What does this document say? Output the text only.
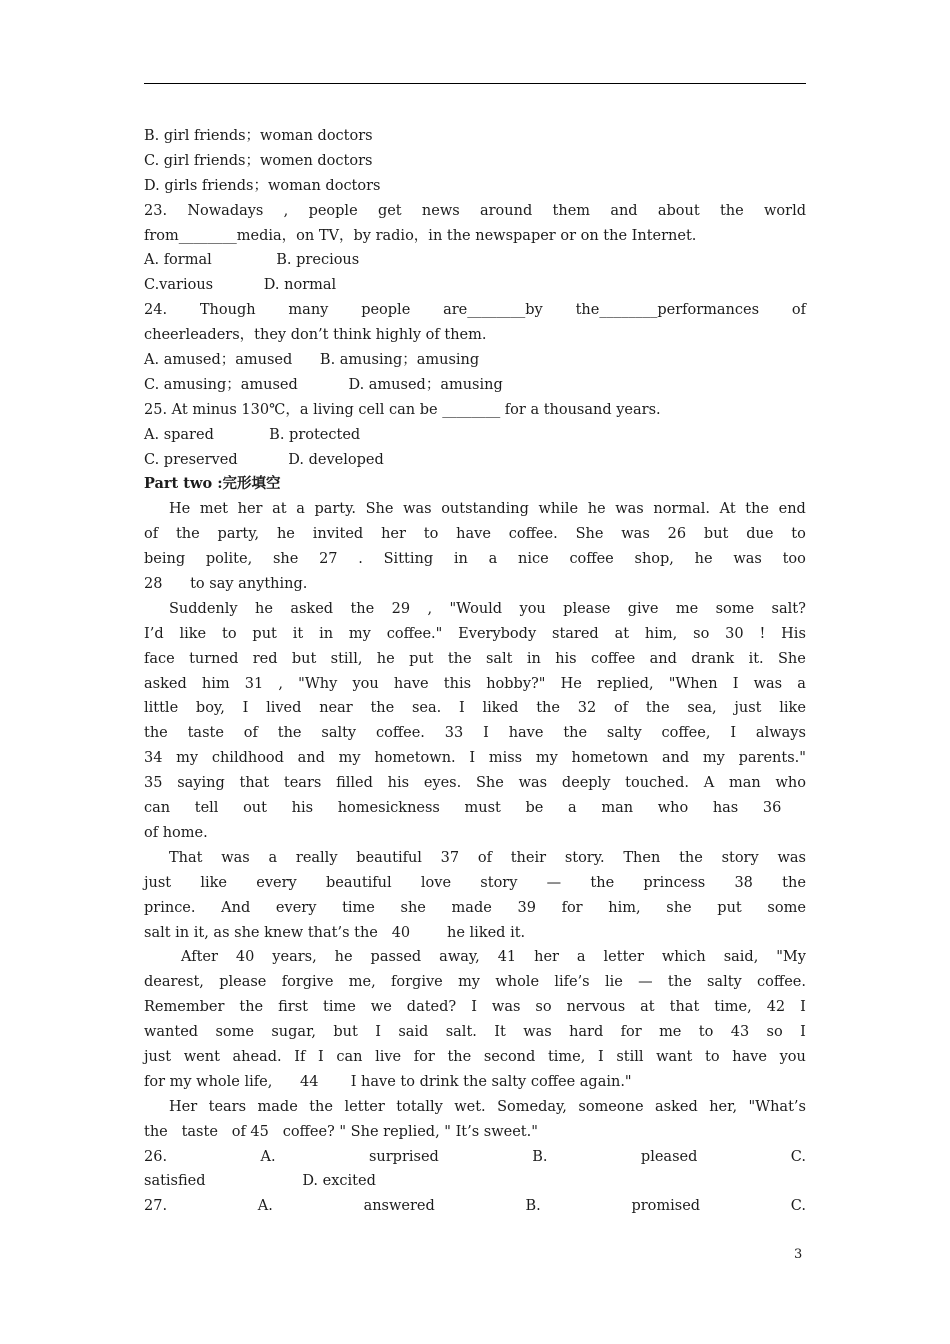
B. girl friends；woman doctors
C. girl friends；women doctors
D. girls friends；woman doctors
23. Nowadays , people get news around them and about the world
from________media，on TV，by radio，in the newspaper or on the Internet.
A. formal              B. precious
C.various           D. normal
24. Though many people are________by the________performances of
cheerleaders，they don’t think highly of them.
A. amused；amused      B. amusing；amusing
C. amusing；amused           D. amused；amusing
25. At minus 130℃，a living cell can be ________ for a thousand years.
A. spared            B. protected
C. preserved           D. developed
Part two :完形填空
He met her at a party. She was outstanding while he was normal. At the end
of the party, he invited her to have coffee. She was 26 but due to
being polite, she 27 . Sitting in a nice coffee shop, he was too
28      to say anything.
Suddenly he asked the 29 , "Would you please give me some salt?
I’d like to put it in my coffee." Everybody stared at him, so 30 ! His
face turned red but still, he put the salt in his coffee and drank it. She
asked him 31 , "Why you have this hobby?" He replied, "When I was a
little boy, I lived near the sea. I liked the 32 of the sea, just like
the taste of the salty coffee. 33 I have the salty coffee, I always
34 my childhood and my hometown. I miss my hometown and my parents."
35 saying that tears filled his eyes. She was deeply touched. A man who
can tell out his homesickness must be a man who has 36
of home.
That was a really beautiful 37 of their story. Then the story was
just like every beautiful love story — the princess 38 the
prince. And every time she made 39 for him, she put some
salt in it, as she knew that’s the   40        he liked it.
After 40 years, he passed away, 41 her a letter which said, "My
dearest, please forgive me, forgive my whole life’s lie — the salty coffee.
Remember the first time we dated? I was so nervous at that time, 42 I
wanted some sugar, but I said salt. It was hard for me to 43 so I
just went ahead. If I can live for the second time, I still want to have you
for my whole life,      44       I have to drink the salty coffee again."
Her tears made the letter totally wet. Someday, someone asked her, "What’s
the   taste   of 45   coffee? " She replied, " It’s sweet."
26.	A.	surprised	B.	pleased	C.
satisfied                     D. excited
27.	A.	answered	B.	promised	C.
3
